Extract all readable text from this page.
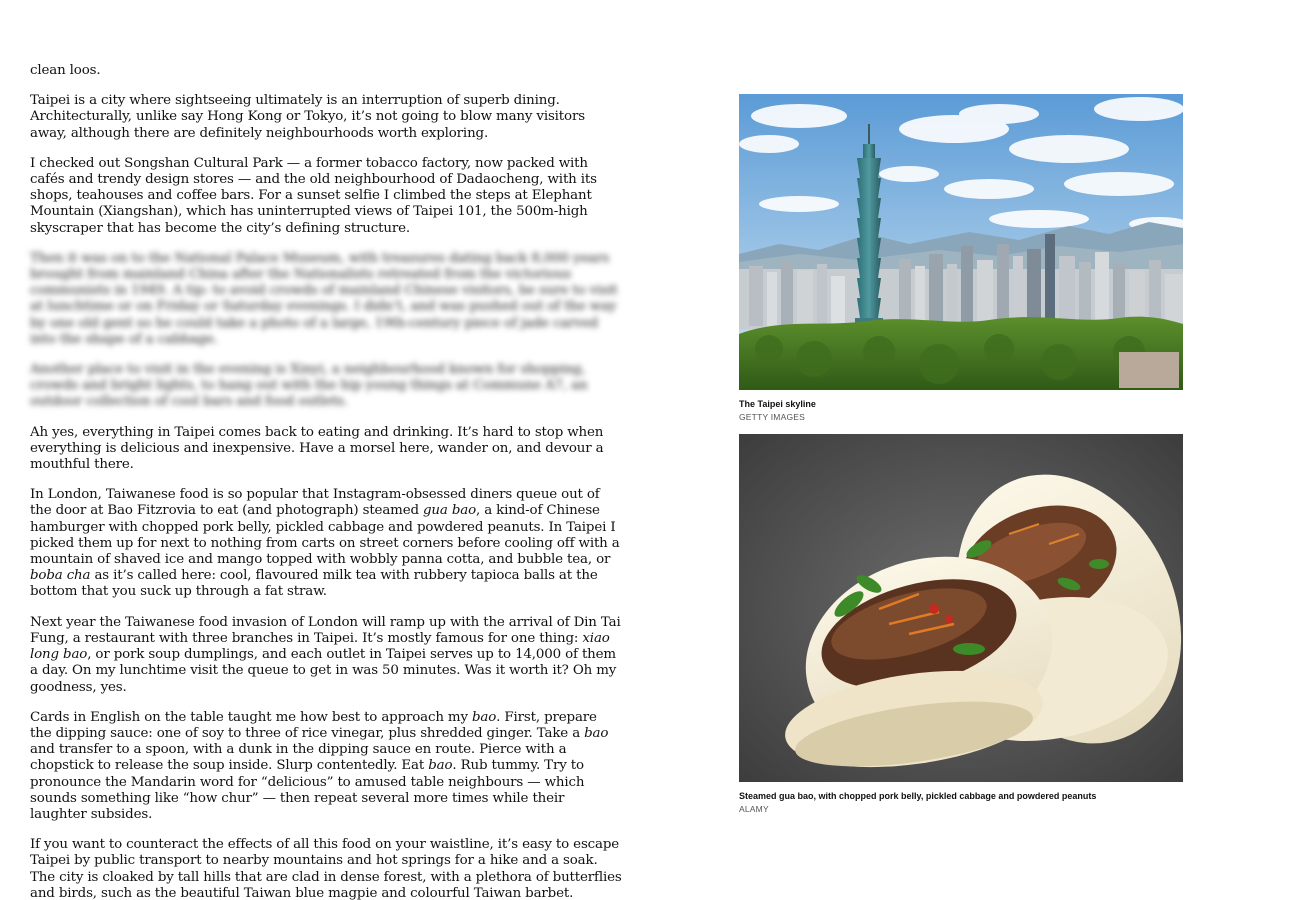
clean loos.

Taipei is a city where sightseeing ultimately is an interruption of superb dining. Architecturally, unlike say Hong Kong or Tokyo, it’s not going to blow many visitors away, although there are definitely neighbourhoods worth exploring.

I checked out Songshan Cultural Park — a former tobacco factory, now packed with cafés and trendy design stores — and the old neighbourhood of Dadaocheng, with its shops, teahouses and coffee bars. For a sunset selfie I climbed the steps at Elephant Mountain (Xiangshan), which has uninterrupted views of Taipei 101, the 500m-high skyscraper that has become the city’s defining structure.

Then it was on to the National Palace Museum, with treasures dating back 8,000 years brought from mainland China after the Nationalists retreated from the victorious communists in 1949. A tip: to avoid crowds of mainland Chinese visitors, be sure to visit at lunchtime or on Friday or Saturday evenings. I didn’t, and was pushed out of the way by one old gent so he could take a photo of a large, 19th-century piece of jade carved into the shape of a cabbage.

Another place to visit in the evening is Xinyi, a neighbourhood known for shopping, crowds and bright lights, to hang out with the hip young things at Commune A7, an outdoor collection of cool bars and food outlets.

Ah yes, everything in Taipei comes back to eating and drinking. It’s hard to stop when everything is delicious and inexpensive. Have a morsel here, wander on, and devour a mouthful there.

In London, Taiwanese food is so popular that Instagram-obsessed diners queue out of the door at Bao Fitzrovia to eat (and photograph) steamed gua bao, a kind-of Chinese hamburger with chopped pork belly, pickled cabbage and powdered peanuts. In Taipei I picked them up for next to nothing from carts on street corners before cooling off with a mountain of shaved ice and mango topped with wobbly panna cotta, and bubble tea, or boba cha as it’s called here: cool, flavoured milk tea with rubbery tapioca balls at the bottom that you suck up through a fat straw.

Next year the Taiwanese food invasion of London will ramp up with the arrival of Din Tai Fung, a restaurant with three branches in Taipei. It’s mostly famous for one thing: xiao long bao, or pork soup dumplings, and each outlet in Taipei serves up to 14,000 of them a day. On my lunchtime visit the queue to get in was 50 minutes. Was it worth it? Oh my goodness, yes.

Cards in English on the table taught me how best to approach my bao. First, prepare the dipping sauce: one of soy to three of rice vinegar, plus shredded ginger. Take a bao and transfer to a spoon, with a dunk in the dipping sauce en route. Pierce with a chopstick to release the soup inside. Slurp contentedly. Eat bao. Rub tummy. Try to pronounce the Mandarin word for “delicious” to amused table neighbours — which sounds something like “how chur” — then repeat several more times while their laughter subsides.

If you want to counteract the effects of all this food on your waistline, it’s easy to escape Taipei by public transport to nearby mountains and hot springs for a hike and a soak. The city is cloaked by tall hills that are clad in dense forest, with a plethora of butterflies and birds, such as the beautiful Taiwan blue magpie and colourful Taiwan barbet.

The Taipei skyline
GETTY IMAGES
Steamed gua bao, with chopped pork belly, pickled cabbage and powdered peanuts
ALAMY
